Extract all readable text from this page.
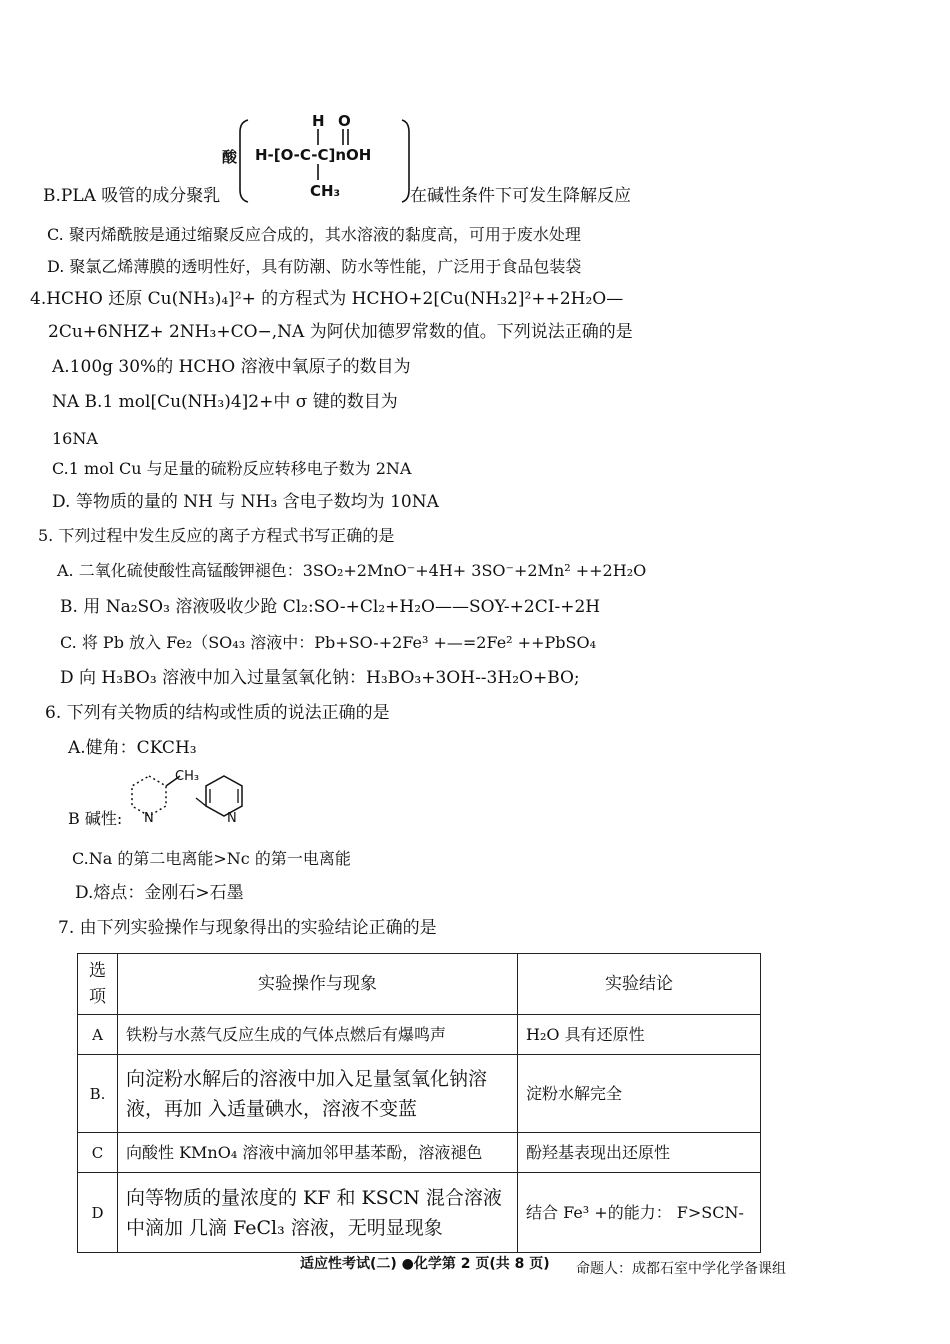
酸
H O
H-[O-C-C]nOH
CH₃
B.PLA 吸管的成分聚乳	在碱性条件下可发生降解反应
C. 聚丙烯酰胺是通过缩聚反应合成的，其水溶液的黏度高，可用于废水处理
D. 聚氯乙烯薄膜的透明性好，具有防潮、防水等性能，广泛用于食品包装袋
4.HCHO 还原 Cu(NH₃)₄]²+ 的方程式为 HCHO+2[Cu(NH₃2]²++2H₂O—
2Cu+6NHZ+ 2NH₃+CO−,NA 为阿伏加德罗常数的值。下列说法正确的是
A.100g 30%的 HCHO 溶液中氧原子的数目为
NA B.1 mol[Cu(NH₃)4]2+中 σ 键的数目为
16NA
C.1 mol Cu 与足量的硫粉反应转移电子数为 2NA
D. 等物质的量的 NH 与 NH₃ 含电子数均为 10NA
5. 下列过程中发生反应的离子方程式书写正确的是
A. 二氧化硫使酸性高锰酸钾褪色：3SO₂+2MnO⁻+4H+ 3SO⁻+2Mn² ++2H₂O
B. 用 Na₂SO₃ 溶液吸收少跄 Cl₂:SO-+Cl₂+H₂O——SOY-+2CI-+2H
C. 将 Pb 放入 Fe₂（SO₄₃ 溶液中：Pb+SO-+2Fe³ +—=2Fe² ++PbSO₄
D 向 H₃BO₃ 溶液中加入过量氢氧化钠：H₃BO₃+3OH--3H₂O+BO;
6. 下列有关物质的结构或性质的说法正确的是
A.健角：CKCH₃
CH₃
N	N
B 碱性:
C.Na 的第二电离能>Nc 的第一电离能
D.熔点：金刚石>石墨
7. 由下列实验操作与现象得出的实验结论正确的是
选项	实验操作与现象	实验结论
A	铁粉与水蒸气反应生成的气体点燃后有爆鸣声	H₂O 具有还原性
B.	向淀粉水解后的溶液中加入足量氢氧化钠溶液，再加 入适量碘水，溶液不变蓝	淀粉水解完全
C	向酸性 KMnO₄ 溶液中滴加邻甲基苯酚，溶液褪色	酚羟基表现出还原性
D	向等物质的量浓度的 KF 和 KSCN 混合溶液中滴加 几滴 FeCl₃ 溶液，无明显现象	结合 Fe³ +的能力： F>SCN-
适应性考试(二) ●化学第 2 页(共 8 页) 命题人：成都石室中学化学备课组
